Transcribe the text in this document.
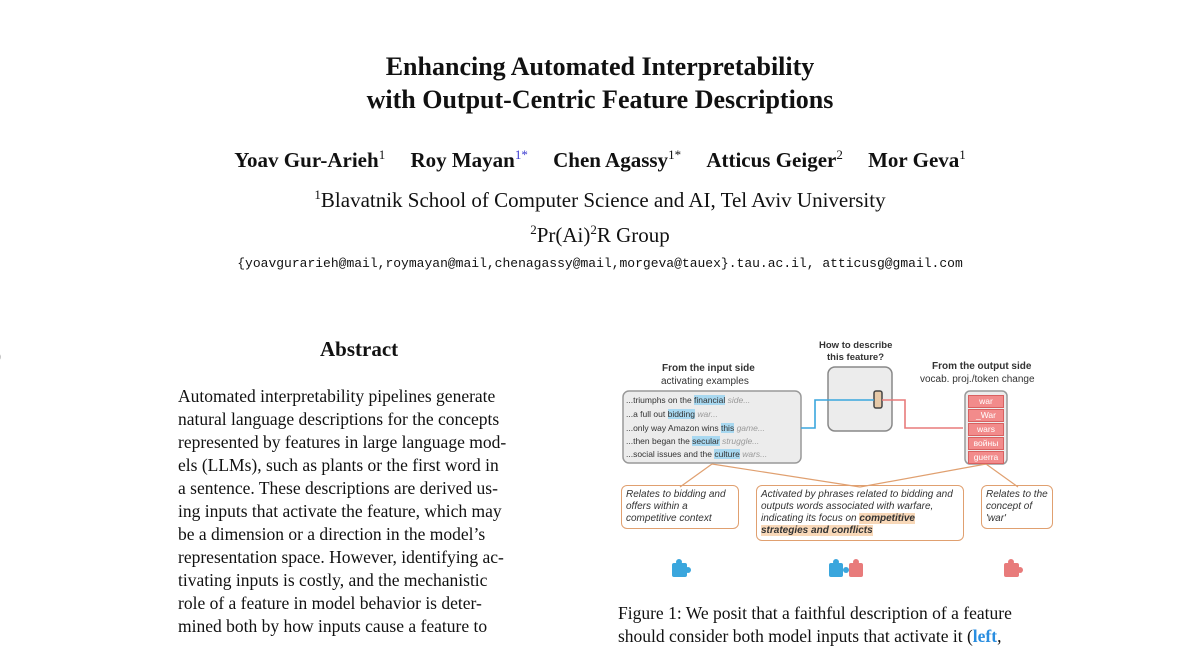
Enhancing Automated Interpretability
with Output-Centric Feature Descriptions
Yoav Gur-Arieh$^1$ Roy Mayan$^{1*}$ Chen Agassy$^{1*}$ Atticus Geiger$^2$ Mor Geva$^1$
$^1$Blavatnik School of Computer Science and AI, Tel Aviv University
$^2Pr(Ai)^2R$ Group
{yoavgurarieh@mail,roymayan@mail,chenagassy@mail,morgeva@tauex}.tau.ac.il, atticusg@gmail.com

Abstract
Automated interpretability pipelines generate
natural language descriptions for the concepts
represented by features in large language mod-
els (LLMs), such as plants or the first word in
a sentence. These descriptions are derived us-
ing inputs that activate the feature, which may
be a dimension or a direction in the model’s
representation space. However, identifying ac-
tivating inputs is costly, and the mechanistic
role of a feature in model behavior is deter-
mined both by how inputs cause a feature to
From the input side
activating examples
How to describe
this feature?
From the output side
vocab. proj./token change
...triumphs on the financial side...
...a full out bidding war...
...only way Amazon wins this game...
...then began the secular struggle...
...social issues and the culture wars...
Relates to bidding and offers within a competitive context
Activated by phrases related to bidding and outputs words associated with warfare, indicating its focus on competitive strategies and conflicts
Relates to the concept of 'war'
war
_War
wars
войны
guerra
Figure 1: We posit that a faithful description of a feature
should consider both model inputs that activate it (left,
